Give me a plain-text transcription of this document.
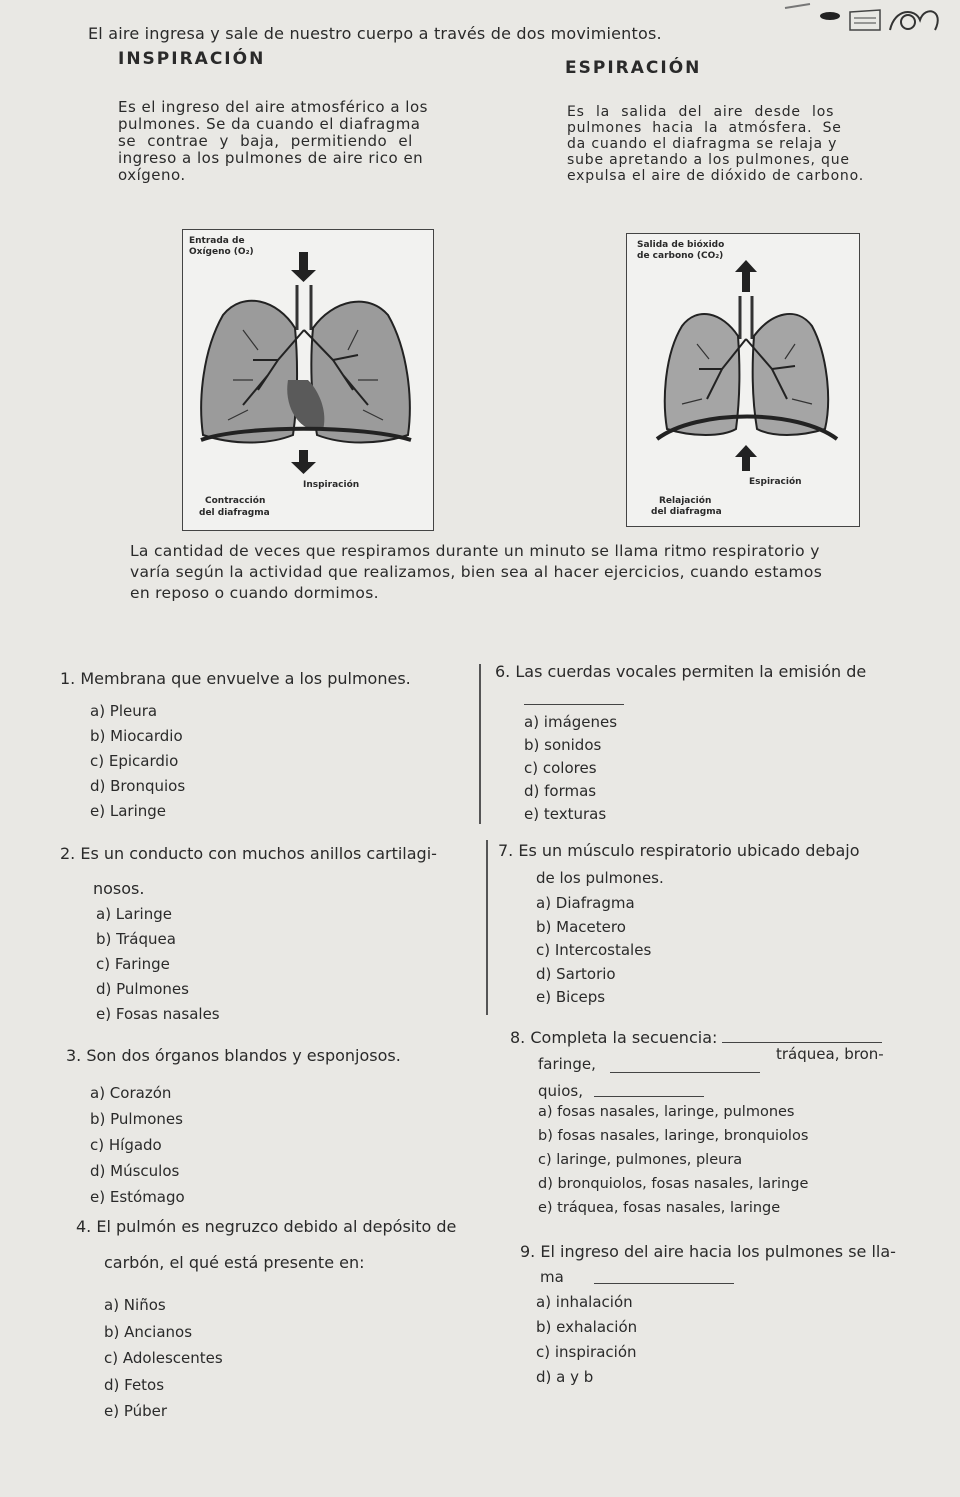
El aire ingresa y sale de nuestro cuerpo a través de dos movimientos.
INSPIRACIÓN	ESPIRACIÓN
Es el ingreso del aire atmosférico a los
pulmones. Se da cuando el diafragma
se contrae y baja, permitiendo el
ingreso a los pulmones de aire rico en
oxígeno.
Es la salida del aire desde los
pulmones hacia la atmósfera. Se
da cuando el diafragma se relaja y
sube apretando a los pulmones, que
expulsa el aire de dióxido de carbono.
Entrada de
Oxígeno (O₂)
Inspiración
Contracción
del diafragma
Salida de bióxido
de carbono (CO₂)
Espiración
Relajación
del diafragma
La cantidad de veces que respiramos durante un minuto se llama ritmo respiratorio y
varía según la actividad que realizamos, bien sea al hacer ejercicios, cuando estamos
en reposo o cuando dormimos.
1. Membrana que envuelve a los pulmones.
a) Pleura
b) Miocardio
c) Epicardio
d) Bronquios
e) Laringe
6. Las cuerdas vocales permiten la emisión de
a) imágenes
b) sonidos
c) colores
d) formas
e) texturas
2. Es un conducto con muchos anillos cartilagi-
nosos.
a) Laringe
b) Tráquea
c) Faringe
d) Pulmones
e) Fosas nasales
7. Es un músculo respiratorio ubicado debajo
de los pulmones.
a) Diafragma
b) Macetero
c) Intercostales
d) Sartorio
e) Biceps
3. Son dos órganos blandos y esponjosos.
a) Corazón
b) Pulmones
c) Hígado
d) Músculos
e) Estómago
8. Completa la secuencia:
faringe,
tráquea, bron-
quios,
a) fosas nasales, laringe, pulmones
b) fosas nasales, laringe, bronquiolos
c) laringe, pulmones, pleura
d) bronquiolos, fosas nasales, laringe
e) tráquea, fosas nasales, laringe
4. El pulmón es negruzco debido al depósito de
carbón, el qué está presente en:
a) Niños
b) Ancianos
c) Adolescentes
d) Fetos
e) Púber
9. El ingreso del aire hacia los pulmones se lla-
ma
a) inhalación
b) exhalación
c) inspiración
d) a y b
